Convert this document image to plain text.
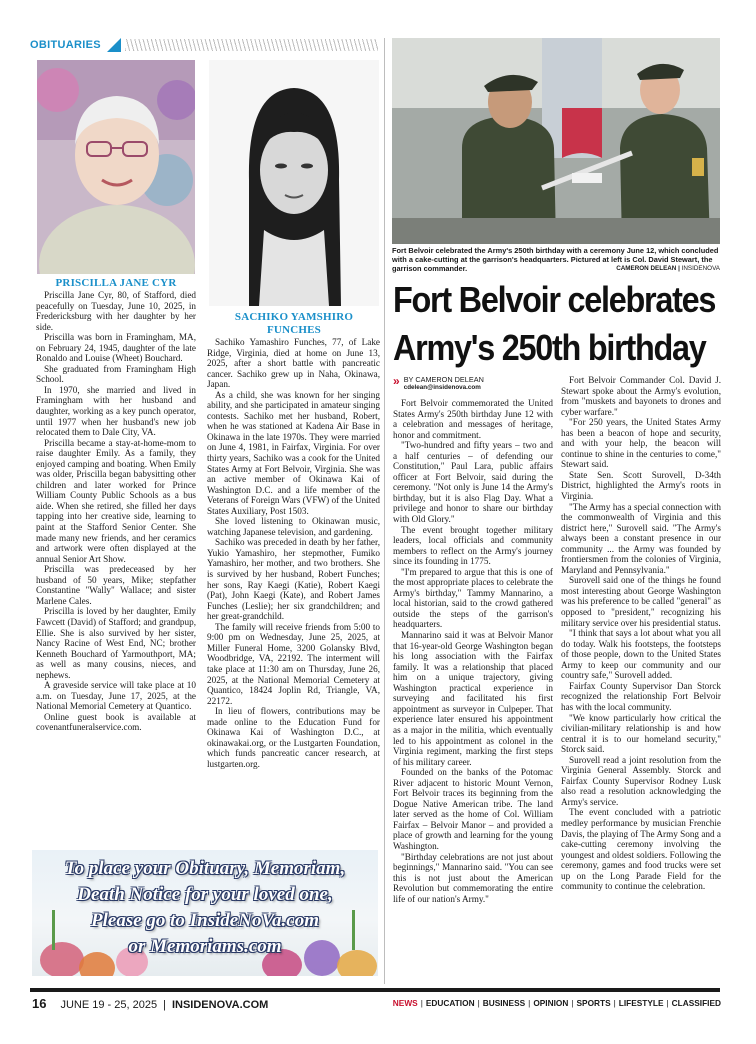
OBITUARIES
PRISCILLA JANE CYR

Priscilla Jane Cyr, 80, of Stafford, died peacefully on Tuesday, June 10, 2025, in Fredericksburg with her daughter by her side.

Priscilla was born in Framingham, MA, on February 24, 1945, daughter of the late Ronaldo and Louise (Wheet) Bouchard.

She graduated from Framingham High School.

In 1970, she married and lived in Framingham with her husband and daughter, working as a key punch operator, until 1977 when her husband's new job relocated them to Dale City, VA.

Priscilla became a stay-at-home-mom to raise daughter Emily. As a family, they enjoyed camping and boating. When Emily was older, Priscilla began babysitting other children and later worked for Prince William County Public Schools as a bus aide. When she retired, she filled her days tapping into her creative side, learning to paint at the Stafford Senior Center. She made many new friends, and her ceramics and artwork were often displayed at the annual Senior Art Show.

Priscilla was predeceased by her husband of 50 years, Mike; stepfather Constantine "Wally" Wallace; and sister Marlene Cales.

Priscilla is loved by her daughter, Emily Fawcett (David) of Stafford; and grandpup, Ellie. She is also survived by her sister, Nancy Racine of West End, NC; brother Kenneth Bouchard of Yarmouthport, MA; as well as many cousins, nieces, and nephews.

A graveside service will take place at 10 a.m. on Tuesday, June 17, 2025, at the National Memorial Cemetery at Quantico.

Online guest book is available at covenantfuneralservice.com.

SACHIKO YAMSHIRO FUNCHES

Sachiko Yamashiro Funches, 77, of Lake Ridge, Virginia, died at home on June 13, 2025, after a short battle with pancreatic cancer. Sachiko grew up in Naha, Okinawa, Japan.

As a child, she was known for her singing ability, and she participated in amateur singing contests. Sachiko met her husband, Robert, when he was stationed at Kadena Air Base in Okinawa in the late 1970s. They were married on June 4, 1981, in Fairfax, Virginia. For over thirty years, Sachiko was a cook for the United States Army at Fort Belvoir, Virginia. She was an active member of Okinawa Kai of Washington D.C. and a life member of the Veterans of Foreign Wars (VFW) of the United States Auxiliary, Post 1503.

She loved listening to Okinawan music, watching Japanese television, and gardening.

Sachiko was preceded in death by her father, Yukio Yamashiro, her stepmother, Fumiko Yamashiro, her mother, and two brothers. She is survived by her husband, Robert Funches; her sons, Ray Kaegi (Katie), Robert Kaegi (Pat), John Kaegi (Kate), and Robert James Funches (Leslie); her six grandchildren; and her great-grandchild.

The family will receive friends from 5:00 to 9:00 pm on Wednesday, June 25, 2025, at Miller Funeral Home, 3200 Golansky Blvd, Woodbridge, VA, 22192. The interment will take place at 11:30 am on Thursday, June 26, 2025, at the National Memorial Cemetery at Quantico, 18424 Joplin Rd, Triangle, VA, 22172.

In lieu of flowers, contributions may be made online to the Education Fund for Okinawa Kai of Washington D.C., at okinawakai.org, or the Lustgarten Foundation, which funds pancreatic cancer research, at lustgarten.org.

To place your Obituary, Memoriam,
Death Notice for your loved one,
Please go to InsideNoVa.com
or Memoriams.com
Fort Belvoir celebrated the Army's 250th birthday with a ceremony June 12, which concluded with a cake-cutting at the garrison's headquarters. Pictured at left is Col. David Stewart, the garrison commander.	CAMERON DELEAN | INSIDENOVA
Fort Belvoir celebrates
Army's 250th birthday
» BY CAMERON DELEAN
cdelean@insidenova.com

Fort Belvoir commemorated the United States Army's 250th birthday June 12 with a celebration and messages of heritage, honor and commitment.

"Two-hundred and fifty years – two and a half centuries – of defending our Constitution," Paul Lara, public affairs officer at Fort Belvoir, said during the ceremony. "Not only is June 14 the Army's birthday, but it is also Flag Day. What a privilege and honor to share our birthday with Old Glory."

The event brought together military leaders, local officials and community members to reflect on the Army's journey since its founding in 1775.

"I'm prepared to argue that this is one of the most appropriate places to celebrate the Army's birthday," Tammy Mannarino, a local historian, said to the crowd gathered outside the steps of the garrison's headquarters.

Mannarino said it was at Belvoir Manor that 16-year-old George Washington began his long association with the Fairfax family. It was a relationship that placed him on a unique trajectory, giving Washington practical experience in surveying and facilitated his first appointment as surveyor in Culpeper. That experience later ensured his appointment as a major in the militia, which eventually led to his appointment as colonel in the Virginia regiment, marking the first steps of his military career.

Founded on the banks of the Potomac River adjacent to historic Mount Vernon, Fort Belvoir traces its beginning from the Dogue Native American tribe. The land later served as the home of Col. William Fairfax – Belvoir Manor – and provided a place of growth and learning for the young Washington.

"Birthday celebrations are not just about beginnings," Mannarino said. "You can see this is not just about the American Revolution but commemorating the entire life of our nation's Army."

Fort Belvoir Commander Col. David J. Stewart spoke about the Army's evolution, from "muskets and bayonets to drones and cyber warfare."

"For 250 years, the United States Army has been a beacon of hope and security, and with your help, the beacon will continue to shine in the centuries to come," Stewart said.

State Sen. Scott Surovell, D-34th District, highlighted the Army's roots in Virginia.

"The Army has a special connection with the commonwealth of Virginia and this district here," Surovell said. "The Army's always been a constant presence in our community ... the Army was founded by frontiersmen from the colonies of Virginia, Maryland and Pennsylvania."

Surovell said one of the things he found most interesting about George Washington was his preference to be called "general" as opposed to "president," recognizing his military service over his presidential status.

"I think that says a lot about what you all do today. Walk his footsteps, the footsteps of those people, down to the United States Army to keep our community and our country safe," Surovell added.

Fairfax County Supervisor Dan Storck recognized the relationship Fort Belvoir has with the local community.

"We know particularly how critical the civilian-military relationship is and how central it is to our homeland security," Storck said.

Surovell read a joint resolution from the Virginia General Assembly. Storck and Fairfax County Supervisor Rodney Lusk also read a resolution acknowledging the Army's service.

The event concluded with a patriotic medley performance by musician Frenchie Davis, the playing of The Army Song and a cake-cutting ceremony involving the youngest and oldest soldiers. Following the ceremony, games and food trucks were set up on the Long Parade Field for the community to continue the celebration.

16 JUNE 19 - 25, 2025 | INSIDENOVA.COM	NEWS | EDUCATION | BUSINESS | OPINION | SPORTS | LIFESTYLE | CLASSIFIED
